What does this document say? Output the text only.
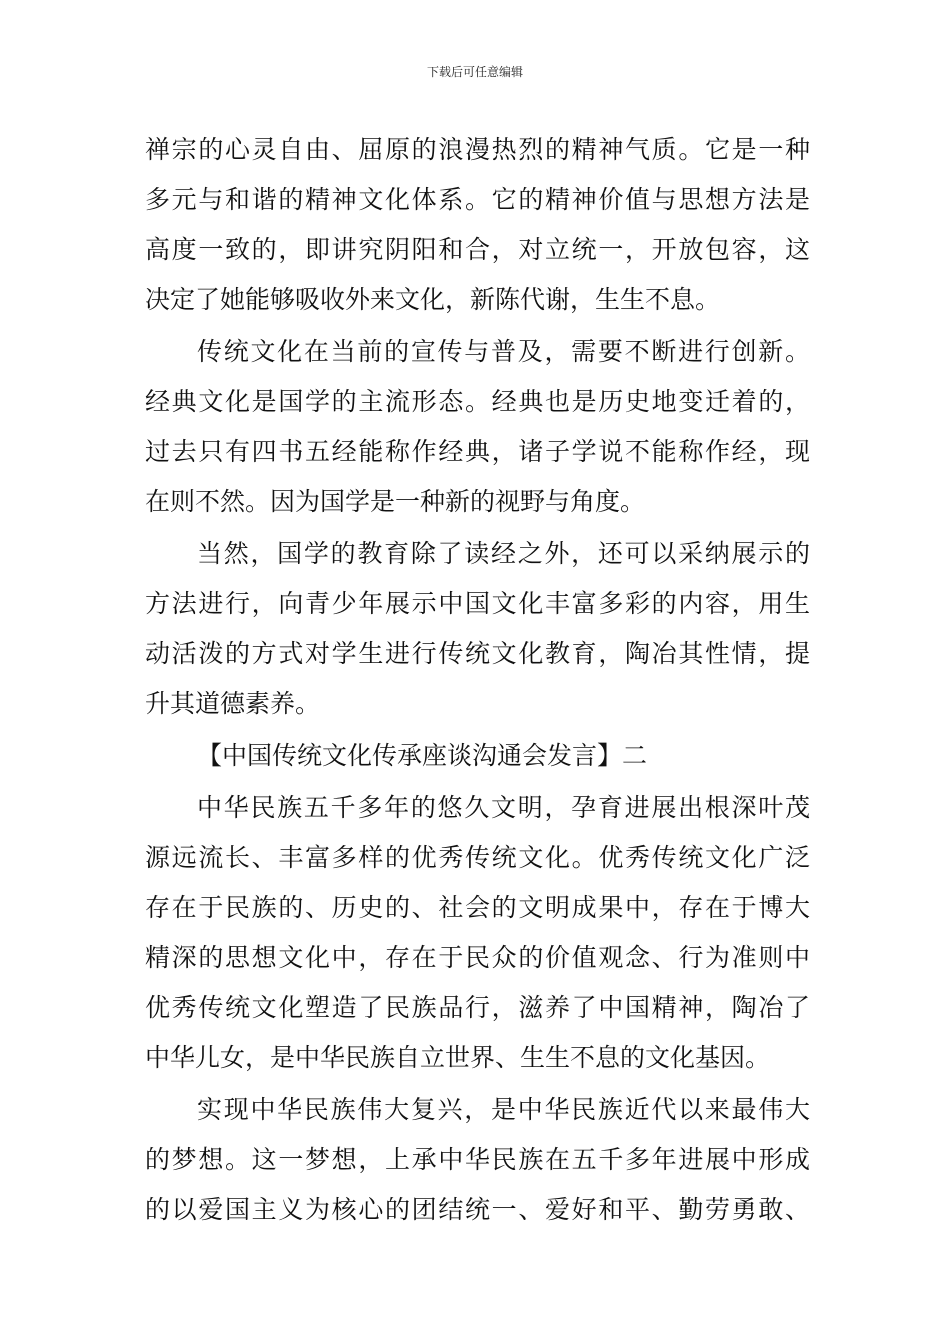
下载后可任意编辑

禅宗的心灵自由、屈原的浪漫热烈的精神气质。它是一种

多元与和谐的精神文化体系。它的精神价值与思想方法是

高度一致的，即讲究阴阳和合，对立统一，开放包容，这

决定了她能够吸收外来文化，新陈代谢，生生不息。

传统文化在当前的宣传与普及，需要不断进行创新。

经典文化是国学的主流形态。经典也是历史地变迁着的，

过去只有四书五经能称作经典，诸子学说不能称作经，现

在则不然。因为国学是一种新的视野与角度。

当然，国学的教育除了读经之外，还可以采纳展示的

方法进行，向青少年展示中国文化丰富多彩的内容，用生

动活泼的方式对学生进行传统文化教育，陶冶其性情，提

升其道德素养。

【中国传统文化传承座谈沟通会发言】二

中华民族五千多年的悠久文明，孕育进展出根深叶茂

源远流长、丰富多样的优秀传统文化。优秀传统文化广泛

存在于民族的、历史的、社会的文明成果中，存在于博大

精深的思想文化中，存在于民众的价值观念、行为准则中

优秀传统文化塑造了民族品行，滋养了中国精神，陶冶了

中华儿女，是中华民族自立世界、生生不息的文化基因。

实现中华民族伟大复兴，是中华民族近代以来最伟大

的梦想。这一梦想，上承中华民族在五千多年进展中形成

的以爱国主义为核心的团结统一、爱好和平、勤劳勇敢、
